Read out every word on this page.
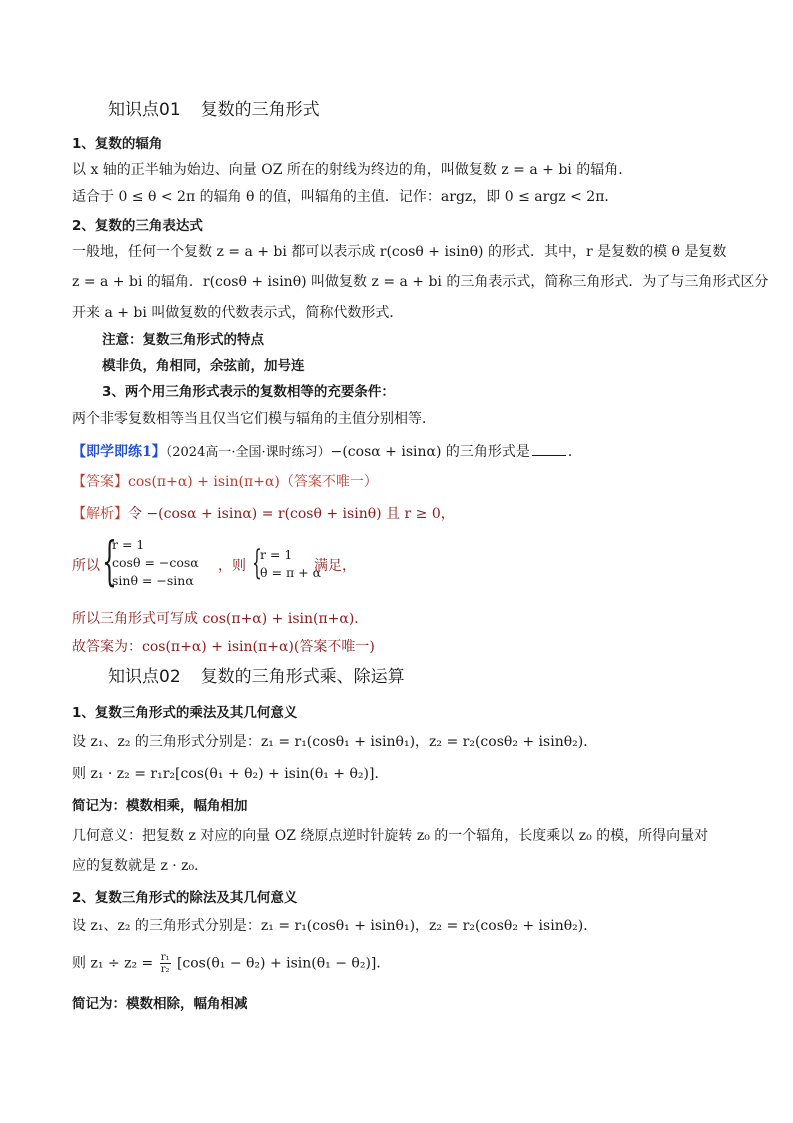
知识点01 复数的三角形式
1、复数的辐角
以 x 轴的正半轴为始边、向量 OZ 所在的射线为终边的角，叫做复数 z = a + bi 的辐角．
适合于 0 ≤ θ < 2π 的辐角 θ 的值，叫辐角的主值．记作：argz，即 0 ≤ argz < 2π．
2、复数的三角表达式
一般地，任何一个复数 z = a + bi 都可以表示成 r(cosθ + isinθ) 的形式．其中，r 是复数的模 θ 是复数
z = a + bi 的辐角．r(cosθ + isinθ) 叫做复数 z = a + bi 的三角表示式，简称三角形式．为了与三角形式区分
开来 a + bi 叫做复数的代数表示式，简称代数形式．
注意：复数三角形式的特点
模非负，角相同，余弦前，加号连
3、两个用三角形式表示的复数相等的充要条件：
两个非零复数相等当且仅当它们模与辐角的主值分别相等．
【即学即练1】（2024高一·全国·课时练习）−(cosα + isinα) 的三角形式是	．
【答案】cos(π+α) + isin(π+α)（答案不唯一）
【解析】令 −(cosα + isinα) = r(cosθ + isinθ) 且 r ≥ 0，
所以 {
r = 1
cosθ = −cosα
sinθ = −sinα
，则 {
r = 1
θ = π + α
满足，
所以三角形式可写成 cos(π+α) + isin(π+α)．
故答案为：cos(π+α) + isin(π+α)(答案不唯一)
知识点02 复数的三角形式乘、除运算
1、复数三角形式的乘法及其几何意义
设 z₁、z₂ 的三角形式分别是：z₁ = r₁(cosθ₁ + isinθ₁)，z₂ = r₂(cosθ₂ + isinθ₂)．
则 z₁ · z₂ = r₁r₂[cos(θ₁ + θ₂) + isin(θ₁ + θ₂)]．
简记为：模数相乘，幅角相加
几何意义：把复数 z 对应的向量 OZ 绕原点逆时针旋转 z₀ 的一个辐角，长度乘以 z₀ 的模，所得向量对
应的复数就是 z · z₀．
2、复数三角形式的除法及其几何意义
设 z₁、z₂ 的三角形式分别是：z₁ = r₁(cosθ₁ + isinθ₁)，z₂ = r₂(cosθ₂ + isinθ₂)．
则 $z_1 \div z_2 = \frac{\text{r₁}}{\text{r₂}} [\cos(\theta_1 - \theta_2) + isin(\theta_1 - \theta_2)]$．
简记为：模数相除，幅角相减
